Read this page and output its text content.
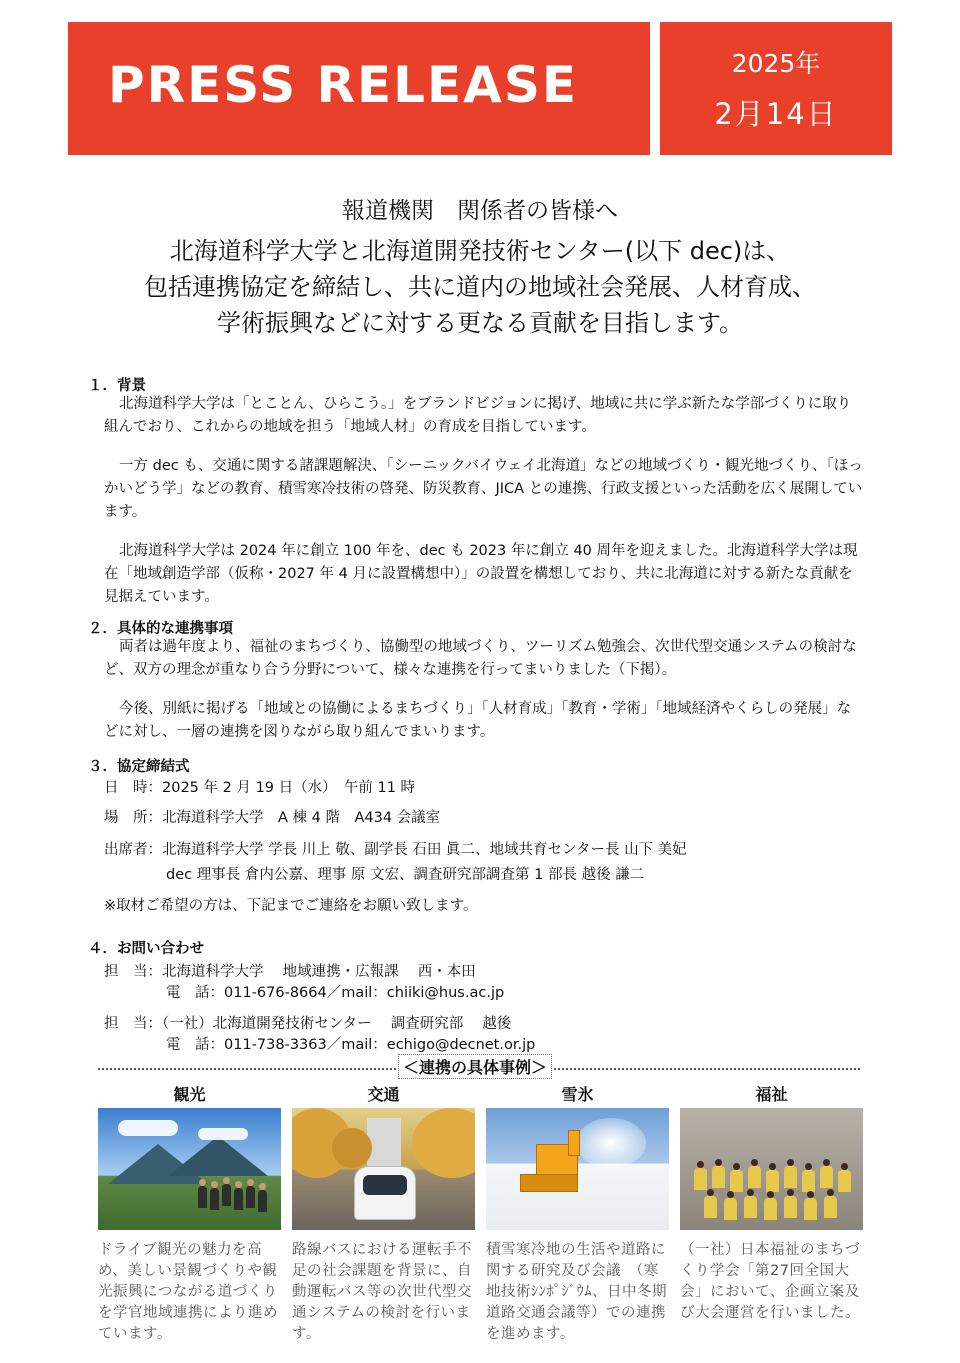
PRESS RELEASE	2025年
2月14日
報道機関　関係者の皆様へ
北海道科学大学と北海道開発技術センター(以下 dec)は、
包括連携協定を締結し、共に道内の地域社会発展、人材育成、
学術振興などに対する更なる貢献を目指します。
１．背景
北海道科学大学は「とことん、ひらこう。」をブランドビジョンに掲げ、地域に共に学ぶ新たな学部づくりに取り組んでおり、これからの地域を担う「地域人材」の育成を目指しています。
一方 dec も、交通に関する諸課題解決、「シーニックバイウェイ北海道」などの地域づくり・観光地づくり、「ほっかいどう学」などの教育、積雪寒冷技術の啓発、防災教育、JICA との連携、行政支援といった活動を広く展開しています。
北海道科学大学は 2024 年に創立 100 年を、dec も 2023 年に創立 40 周年を迎えました。北海道科学大学は現在「地域創造学部（仮称・2027 年 4 月に設置構想中）」の設置を構想しており、共に北海道に対する新たな貢献を見据えています。
２．具体的な連携事項
両者は過年度より、福祉のまちづくり、協働型の地域づくり、ツーリズム勉強会、次世代型交通システムの検討など、双方の理念が重なり合う分野について、様々な連携を行ってまいりました（下掲）。
今後、別紙に掲げる「地域との協働によるまちづくり」「人材育成」「教育・学術」「地域経済やくらしの発展」などに対し、一層の連携を図りながら取り組んでまいります。
３．協定締結式
日　時：2025 年 2 月 19 日（水）　午前 11 時
場　所：北海道科学大学　A 棟 4 階　A434 会議室
出席者：北海道科学大学 学長 川上 敬、副学長 石田 眞二、地域共育センター長 山下 美妃
dec 理事長 倉内公嘉、理事 原 文宏、調査研究部調査第 1 部長 越後 謙二
※取材ご希望の方は、下記までご連絡をお願い致します。
４．お問い合わせ
担　当：北海道科学大学　 地域連携・広報課　 西・本田
電　話：011-676-8664／mail：chiiki@hus.ac.jp
担　当：（一社）北海道開発技術センター　 調査研究部　 越後
電　話：011-738-3363／mail：echigo@decnet.or.jp
＜連携の具体事例＞
観光
ドライブ観光の魅力を高め、美しい景観づくりや観光振興につながる道づくりを学官地域連携により進めています。
交通
路線バスにおける運転手不足の社会課題を背景に、自動運転バス等の次世代型交通システムの検討を行います。
雪氷
積雪寒冷地の生活や道路に関する研究及び会議　（寒地技術ｼﾝﾎﾟｼﾞｳﾑ、日中冬期道路交通会議等）での連携を進めます。
福祉
（一社）日本福祉のまちづくり学会「第27回全国大会」において、企画立案及び大会運営を行いました。
